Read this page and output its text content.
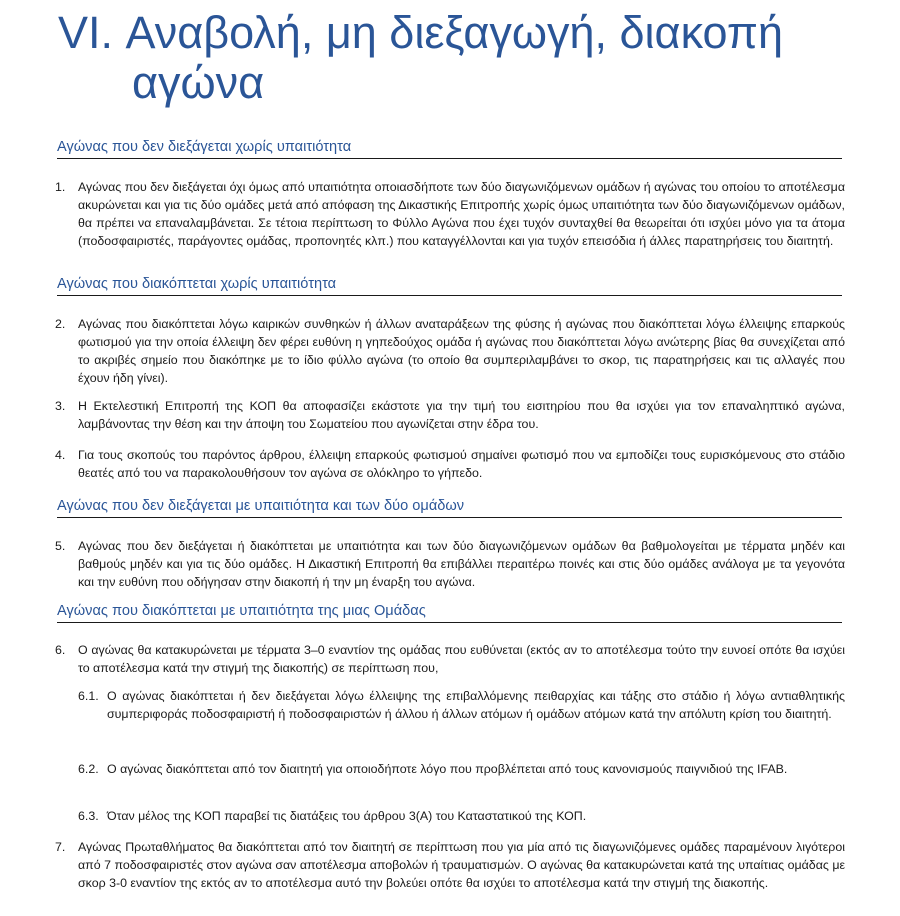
VI. Αναβολή, μη διεξαγωγή, διακοπή
αγώνα
Αγώνας που δεν διεξάγεται χωρίς υπαιτιότητα
1. Αγώνας που δεν διεξάγεται όχι όμως από υπαιτιότητα οποιασδήποτε των δύο διαγωνιζόμενων ομάδων ή αγώνας του οποίου το αποτέλεσμα ακυρώνεται και για τις δύο ομάδες μετά από απόφαση της Δικαστικής Επιτροπής χωρίς όμως υπαιτιότητα των δύο διαγωνιζόμενων ομάδων, θα πρέπει να επαναλαμβάνεται. Σε τέτοια περίπτωση το Φύλλο Αγώνα που έχει τυχόν συνταχθεί θα θεωρείται ότι ισχύει μόνο για τα άτομα (ποδοσφαιριστές, παράγοντες ομάδας, προπονητές κλπ.) που καταγγέλλονται και για τυχόν επεισόδια ή άλλες παρατηρήσεις του διαιτητή.
Αγώνας που διακόπτεται χωρίς υπαιτιότητα
2. Αγώνας που διακόπτεται λόγω καιρικών συνθηκών ή άλλων αναταράξεων της φύσης ή αγώνας που διακόπτεται λόγω έλλειψης επαρκούς φωτισμού για την οποία έλλειψη δεν φέρει ευθύνη η γηπεδούχος ομάδα ή αγώνας που διακόπτεται λόγω ανώτερης βίας θα συνεχίζεται από το ακριβές σημείο που διακόπηκε με το ίδιο φύλλο αγώνα (το οποίο θα συμπεριλαμβάνει το σκορ, τις παρατηρήσεις και τις αλλαγές που έχουν ήδη γίνει).
3. Η Εκτελεστική Επιτροπή της ΚΟΠ θα αποφασίζει εκάστοτε για την τιμή του εισιτηρίου που θα ισχύει για τον επαναληπτικό αγώνα, λαμβάνοντας την θέση και την άποψη του Σωματείου που αγωνίζεται στην έδρα του.
4. Για τους σκοπούς του παρόντος άρθρου, έλλειψη επαρκούς φωτισμού σημαίνει φωτισμό που να εμποδίζει τους ευρισκόμενους στο στάδιο θεατές από του να παρακολουθήσουν τον αγώνα σε ολόκληρο το γήπεδο.
Αγώνας που δεν διεξάγεται με υπαιτιότητα και των δύο ομάδων
5. Αγώνας που δεν διεξάγεται ή διακόπτεται με υπαιτιότητα και των δύο διαγωνιζόμενων ομάδων θα βαθμολογείται με τέρματα μηδέν και βαθμούς μηδέν και για τις δύο ομάδες. Η Δικαστική Επιτροπή θα επιβάλλει περαιτέρω ποινές και στις δύο ομάδες ανάλογα με τα γεγονότα και την ευθύνη που οδήγησαν στην διακοπή ή την μη έναρξη του αγώνα.
Αγώνας που διακόπτεται με υπαιτιότητα της μιας Ομάδας
6. Ο αγώνας θα κατακυρώνεται με τέρματα 3–0 εναντίον της ομάδας που ευθύνεται (εκτός αν το αποτέλεσμα τούτο την ευνοεί οπότε θα ισχύει το αποτέλεσμα κατά την στιγμή της διακοπής) σε περίπτωση που,
6.1. Ο αγώνας διακόπτεται ή δεν διεξάγεται λόγω έλλειψης της επιβαλλόμενης πειθαρχίας και τάξης στο στάδιο ή λόγω αντιαθλητικής συμπεριφοράς ποδοσφαιριστή ή ποδοσφαιριστών ή άλλου ή άλλων ατόμων ή ομάδων ατόμων κατά την απόλυτη κρίση του διαιτητή.
6.2. Ο αγώνας διακόπτεται από τον διαιτητή για οποιοδήποτε λόγο που προβλέπεται από τους κανονισμούς παιγνιδιού της IFAB.
6.3. Όταν μέλος της ΚΟΠ παραβεί τις διατάξεις του άρθρου 3(Α) του Καταστατικού της ΚΟΠ.
7. Αγώνας Πρωταθλήματος θα διακόπτεται από τον διαιτητή σε περίπτωση που για μία από τις διαγωνιζόμενες ομάδες παραμένουν λιγότεροι από 7 ποδοσφαιριστές στον αγώνα σαν αποτέλεσμα αποβολών ή τραυματισμών. Ο αγώνας θα κατακυρώνεται κατά της υπαίτιας ομάδας με σκορ 3-0 εναντίον της εκτός αν το αποτέλεσμα αυτό την βολεύει οπότε θα ισχύει το αποτέλεσμα κατά την στιγμή της διακοπής.
